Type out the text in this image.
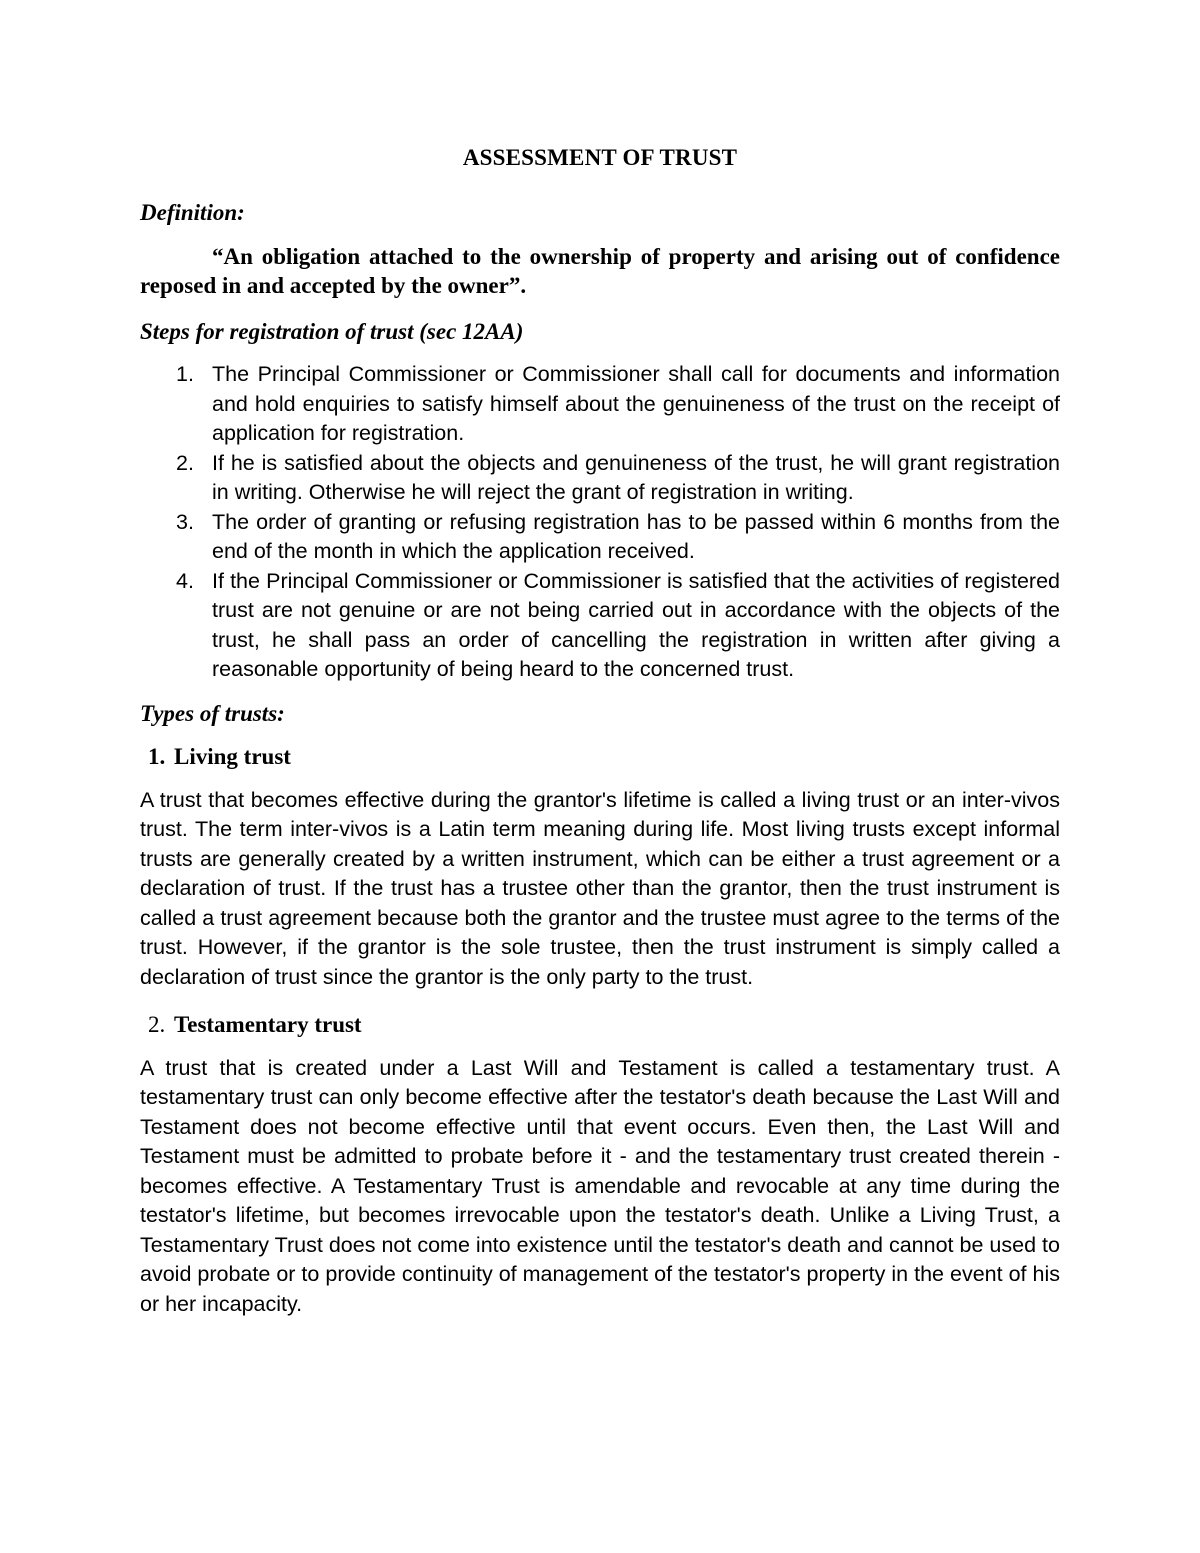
ASSESSMENT OF TRUST
Definition:

“An obligation attached to the ownership of property and arising out of confidence reposed in and accepted by the owner”.

Steps for registration of trust (sec 12AA)
1. The Principal Commissioner or Commissioner shall call for documents and information and hold enquiries to satisfy himself about the genuineness of the trust on the receipt of application for registration.
2. If he is satisfied about the objects and genuineness of the trust, he will grant registration in writing. Otherwise he will reject the grant of registration in writing.
3. The order of granting or refusing registration has to be passed within 6 months from the end of the month in which the application received.
4. If the Principal Commissioner or Commissioner is satisfied that the activities of registered trust are not genuine or are not being carried out in accordance with the objects of the trust, he shall pass an order of cancelling the registration in written after giving a reasonable opportunity of being heard to the concerned trust.
Types of trusts:
1. Living trust

A trust that becomes effective during the grantor's lifetime is called a living trust or an inter-vivos trust. The term inter-vivos is a Latin term meaning during life. Most living trusts except informal trusts are generally created by a written instrument, which can be either a trust agreement or a declaration of trust. If the trust has a trustee other than the grantor, then the trust instrument is called a trust agreement because both the grantor and the trustee must agree to the terms of the trust. However, if the grantor is the sole trustee, then the trust instrument is simply called a declaration of trust since the grantor is the only party to the trust.

2. Testamentary trust

A trust that is created under a Last Will and Testament is called a testamentary trust. A testamentary trust can only become effective after the testator's death because the Last Will and Testament does not become effective until that event occurs. Even then, the Last Will and Testament must be admitted to probate before it - and the testamentary trust created therein - becomes effective. A Testamentary Trust is amendable and revocable at any time during the testator's lifetime, but becomes irrevocable upon the testator's death. Unlike a Living Trust, a Testamentary Trust does not come into existence until the testator's death and cannot be used to avoid probate or to provide continuity of management of the testator's property in the event of his or her incapacity.
